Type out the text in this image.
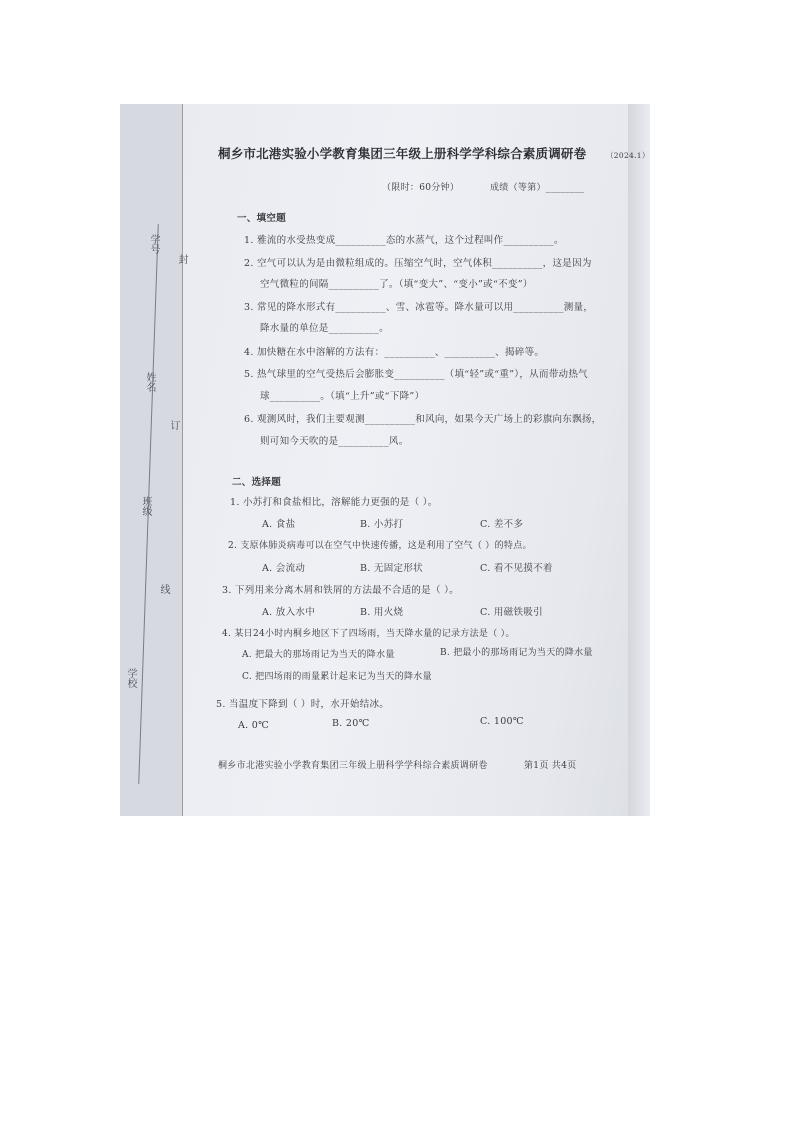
桐乡市北港实验小学教育集团三年级上册科学学科综合素质调研卷	（2024.1）
（限时：60分钟）	成绩（等第）________
一、填空题
1. 雅流的水受热变成__________态的水蒸气，这个过程叫作__________。
2. 空气可以认为是由微粒组成的。压缩空气时，空气体积__________，这是因为
空气微粒的间隔__________了。（填“变大”、“变小”或“不变”）
3. 常见的降水形式有__________、雪、冰雹等。降水量可以用__________测量，
降水量的单位是__________。
4. 加快糖在水中溶解的方法有：__________、__________、揭碎等。
5. 热气球里的空气受热后会膨胀变__________（填“轻”或“重”），从而带动热气
球__________。（填“上升”或“下降”）
6. 观测风时，我们主要观测__________和风向，如果今天广场上的彩旗向东飘扬，
则可知今天吹的是__________风。
二、选择题
1. 小苏打和食盐相比，溶解能力更强的是（ ）。
A. 食盐	B. 小苏打	C. 差不多
2. 支原体肺炎病毒可以在空气中快速传播，这是利用了空气（ ）的特点。
A. 会流动	B. 无固定形状	C. 看不见摸不着
3. 下列用来分离木屑和铁屑的方法最不合适的是（ ）。
A. 放入水中	B. 用火烧	C. 用磁铁吸引
4. 某日24小时内桐乡地区下了四场雨，当天降水量的记录方法是（ ）。
A. 把最大的那场雨记为当天的降水量	B. 把最小的那场雨记为当天的降水量
C. 把四场雨的雨量累计起来记为当天的降水量
5. 当温度下降到（ ）时，水开始结冰。
A. 0℃	B. 20℃	C. 100℃
桐乡市北港实验小学教育集团三年级上册科学学科综合素质调研卷	第1页 共4页
学号
姓名
班级
学校
封
订
线
